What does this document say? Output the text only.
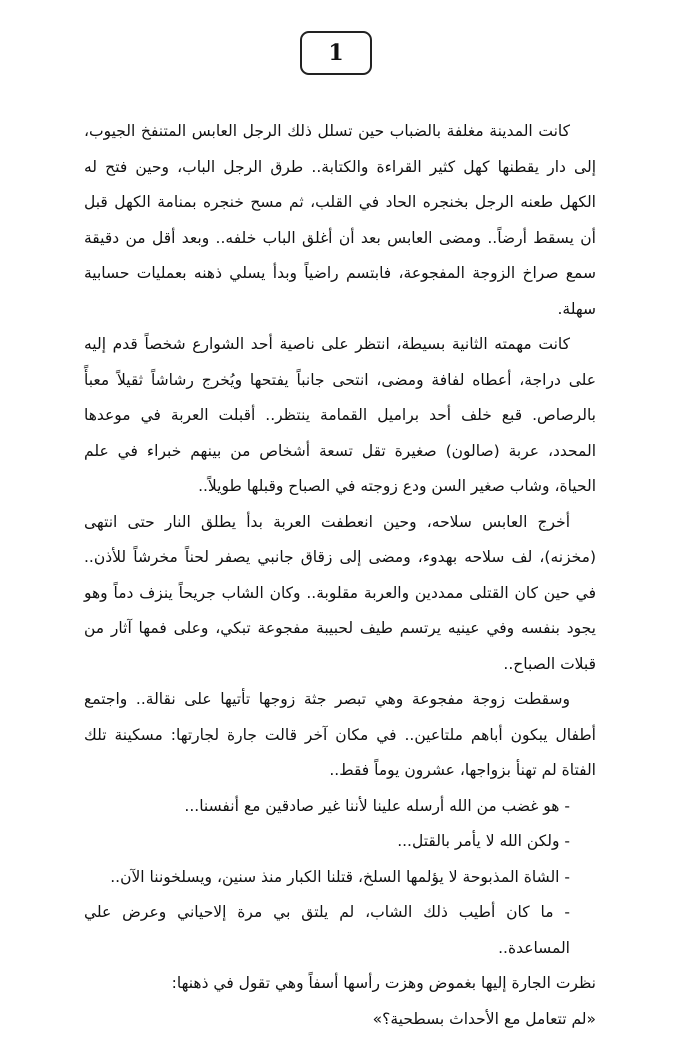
1

كانت المدينة مغلفة بالضباب حين تسلل ذلك الرجل العابس المتنفخ الجيوب، إلى دار يقطنها كهل كثير القراءة والكتابة.. طرق الرجل الباب، وحين فتح له الكهل طعنه الرجل بخنجره الحاد في القلب، ثم مسح خنجره بمنامة الكهل قبل أن يسقط أرضاً.. ومضى العابس بعد أن أغلق الباب خلفه.. وبعد أقل من دقيقة سمع صراخ الزوجة المفجوعة، فابتسم راضياً وبدأ يسلي ذهنه بعمليات حسابية سهلة.

كانت مهمته الثانية بسيطة، انتظر على ناصية أحد الشوارع شخصاً قدم إليه على دراجة، أعطاه لفافة ومضى، انتحى جانباً يفتحها ويُخرج رشاشاً ثقيلاً معبأً بالرصاص. قبع خلف أحد براميل القمامة ينتظر.. أقبلت العربة في موعدها المحدد، عربة (صالون) صغيرة تقل تسعة أشخاص من بينهم خبراء في علم الحياة، وشاب صغير السن ودع زوجته في الصباح وقبلها طويلاً..

أخرج العابس سلاحه، وحين انعطفت العربة بدأ يطلق النار حتى انتهى (مخزنه)، لف سلاحه بهدوء، ومضى إلى زقاق جانبي يصفر لحناً مخرشاً للأذن.. في حين كان القتلى ممددين والعربة مقلوبة.. وكان الشاب جريحاً ينزف دماً وهو يجود بنفسه وفي عينيه يرتسم طيف لحبيبة مفجوعة تبكي، وعلى فمها آثار من قبلات الصباح..

وسقطت زوجة مفجوعة وهي تبصر جثة زوجها تأتيها على نقالة.. واجتمع أطفال يبكون أباهم ملتاعين.. في مكان آخر قالت جارة لجارتها: مسكينة تلك الفتاة لم تهنأ بزواجها، عشرون يوماً فقط..

- هو غضب من الله أرسله علينا لأننا غير صادقين مع أنفسنا...

- ولكن الله لا يأمر بالقتل...

- الشاة المذبوحة لا يؤلمها السلخ، قتلنا الكبار منذ سنين، ويسلخوننا الآن..

- ما كان أطيب ذلك الشاب، لم يلتق بي مرة إلاحياني وعرض علي المساعدة..

نظرت الجارة إليها بغموض وهزت رأسها أسفاً وهي تقول في ذهنها:

«لم تتعامل مع الأحداث بسطحية؟»
